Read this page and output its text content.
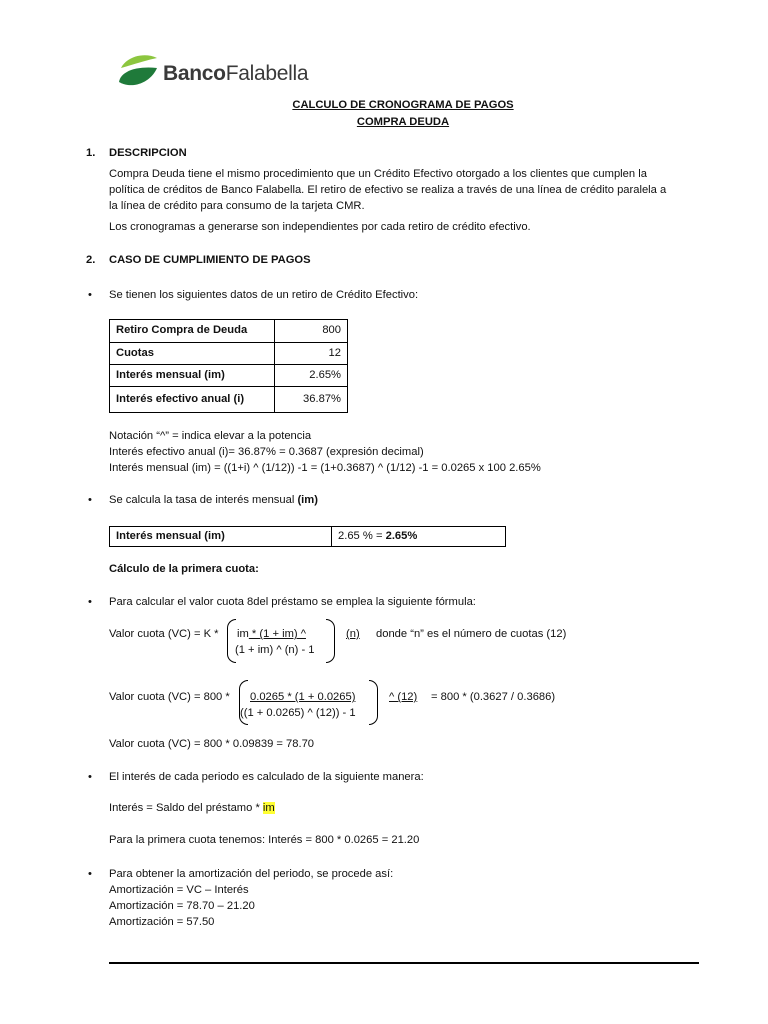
BancoFalabella
CALCULO DE CRONOGRAMA DE PAGOS
COMPRA DEUDA
1. DESCRIPCION
Compra Deuda tiene el mismo procedimiento que un Crédito Efectivo otorgado a los clientes que cumplen la
política de créditos de Banco Falabella. El retiro de efectivo se realiza a través de una línea de crédito paralela a
la línea de crédito para consumo de la tarjeta CMR.
Los cronogramas a generarse son independientes por cada retiro de crédito efectivo.
2. CASO DE CUMPLIMIENTO DE PAGOS
• Se tienen los siguientes datos de un retiro de Crédito Efectivo:
Retiro Compra de Deuda	800
Cuotas	12
Interés mensual (im)	2.65%
Interés efectivo anual (i)	36.87%
Notación “^” = indica elevar a la potencia
Interés efectivo anual (i)= 36.87% = 0.3687 (expresión decimal)
Interés mensual (im) = ((1+i) ^ (1/12)) -1 = (1+0.3687) ^ (1/12) -1 = 0.0265 x 100 2.65%
• Se calcula la tasa de interés mensual (im)
Interés mensual (im)	2.65 % = 2.65%
Cálculo de la primera cuota:
• Para calcular el valor cuota 8del préstamo se emplea la siguiente fórmula:
Valor cuota (VC) = K * im * (1 + im) ^
(1 + im) ^ (n) - 1
(n) donde “n” es el número de cuotas (12)
Valor cuota (VC) = 800 * 0.0265 * (1 + 0.0265)
((1 + 0.0265) ^ (12)) - 1
^ (12) = 800 * (0.3627 / 0.3686)
Valor cuota (VC) = 800 * 0.09839 = 78.70
• El interés de cada periodo es calculado de la siguiente manera:
Interés = Saldo del préstamo * im
Para la primera cuota tenemos: Interés = 800 * 0.0265 = 21.20
• Para obtener la amortización del periodo, se procede así:
Amortización = VC – Interés
Amortización = 78.70 – 21.20
Amortización = 57.50
